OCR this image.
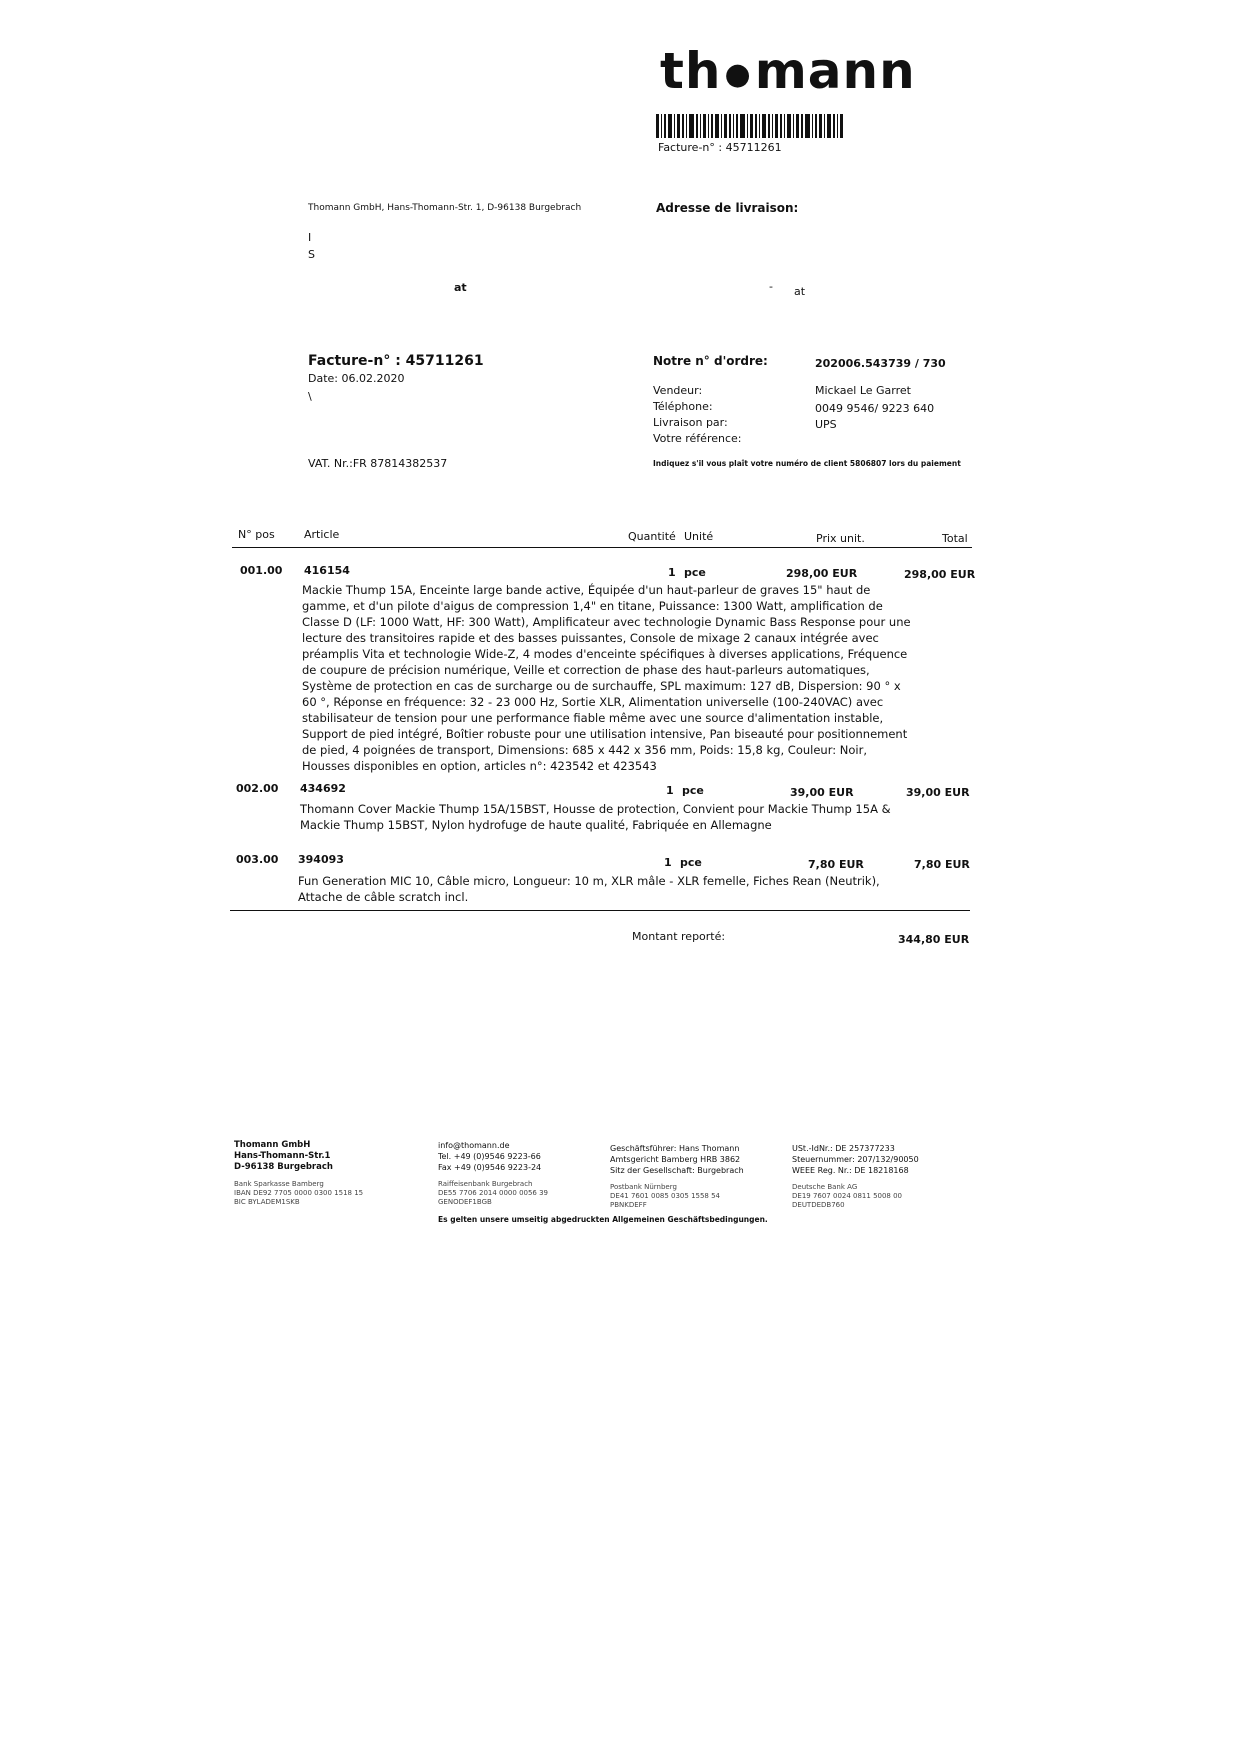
th ●mann
Facture-n° : 45711261
Thomann GmbH, Hans-Thomann-Str. 1, D-96138 Burgebrach	Adresse de livraison:
I
S
at	- at
Facture-n° : 45711261
Date: 06.02.2020
\
VAT. Nr.:FR 87814382537
Notre n° d'ordre:	202006.543739 / 730
Vendeur:	Mickael Le Garret
Téléphone:	0049 9546/ 9223 640
Livraison par:	UPS
Votre référence:
Indiquez s'il vous plaît votre numéro de client 5806807 lors du paiement
N° pos	Article	Quantité Unité	Prix unit.	Total
001.00 416154	1 pce	298,00 EUR	298,00 EUR
Mackie Thump 15A, Enceinte large bande active, Équipée d'un haut-parleur de graves 15" haut de gamme, et d'un pilote d'aigus de compression 1,4" en titane, Puissance: 1300 Watt, amplification de Classe D (LF: 1000 Watt, HF: 300 Watt), Amplificateur avec technologie Dynamic Bass Response pour une lecture des transitoires rapide et des basses puissantes, Console de mixage 2 canaux intégrée avec préamplis Vita et technologie Wide-Z, 4 modes d'enceinte spécifiques à diverses applications, Fréquence de coupure de précision numérique, Veille et correction de phase des haut-parleurs automatiques, Système de protection en cas de surcharge ou de surchauffe, SPL maximum: 127 dB, Dispersion: 90 ° x 60 °, Réponse en fréquence: 32 - 23 000 Hz, Sortie XLR, Alimentation universelle (100-240VAC) avec stabilisateur de tension pour une performance fiable même avec une source d'alimentation instable, Support de pied intégré, Boîtier robuste pour une utilisation intensive, Pan biseauté pour positionnement de pied, 4 poignées de transport, Dimensions: 685 x 442 x 356 mm, Poids: 15,8 kg, Couleur: Noir, Housses disponibles en option, articles n°: 423542 et 423543
002.00 434692	1 pce	39,00 EUR	39,00 EUR
Thomann Cover Mackie Thump 15A/15BST, Housse de protection, Convient pour Mackie Thump 15A & Mackie Thump 15BST, Nylon hydrofuge de haute qualité, Fabriquée en Allemagne
003.00 394093	1 pce	7,80 EUR	7,80 EUR
Fun Generation MIC 10, Câble micro, Longueur: 10 m, XLR mâle - XLR femelle, Fiches Rean (Neutrik), Attache de câble scratch incl.
Montant reporté:	344,80 EUR
Thomann GmbH
Hans-Thomann-Str.1
D-96138 Burgebrach
Bank Sparkasse Bamberg
IBAN DE92 7705 0000 0300 1518 15
BIC BYLADEM1SKB
info@thomann.de
Tel. +49 (0)9546 9223-66
Fax +49 (0)9546 9223-24
Raiffeisenbank Burgebrach
DE55 7706 2014 0000 0056 39
GENODEF1BGB
Geschäftsführer: Hans Thomann
Amtsgericht Bamberg HRB 3862
Sitz der Gesellschaft: Burgebrach
Postbank Nürnberg
DE41 7601 0085 0305 1558 54
PBNKDEFF
USt.-IdNr.: DE 257377233
Steuernummer: 207/132/90050
WEEE Reg. Nr.: DE 18218168
Deutsche Bank AG
DE19 7607 0024 0811 5008 00
DEUTDEDB760
Es gelten unsere umseitig abgedruckten Allgemeinen Geschäftsbedingungen.
